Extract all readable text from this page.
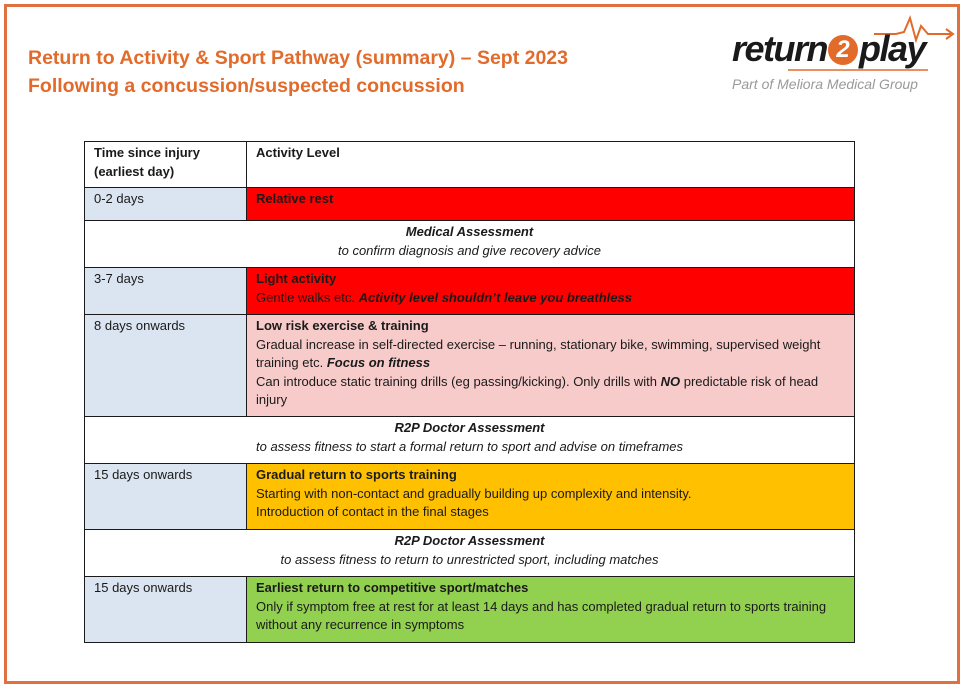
Return to Activity & Sport Pathway (summary) – Sept 2023
Following a concussion/suspected concussion
return 2 play
Part of Meliora Medical Group
Time since injury
(earliest day)	Activity Level
0-2 days	Relative rest

Medical Assessment
to confirm diagnosis and give recovery advice	

3-7 days	Light activity
Gentle walks etc. Activity level shouldn’t leave you breathless

8 days onwards	Low risk exercise & training
Gradual increase in self-directed exercise – running, stationary bike, swimming, supervised weight training etc. Focus on fitness
Can introduce static training drills (eg passing/kicking). Only drills with NO predictable risk of head injury

R2P Doctor Assessment
to assess fitness to start a formal return to sport and advise on timeframes	

15 days onwards	Gradual return to sports training
Starting with non-contact and gradually building up complexity and intensity.
Introduction of contact in the final stages

R2P Doctor Assessment
to assess fitness to return to unrestricted sport, including matches	

15 days onwards	Earliest return to competitive sport/matches
Only if symptom free at rest for at least 14 days and has completed gradual return to sports training without any recurrence in symptoms
